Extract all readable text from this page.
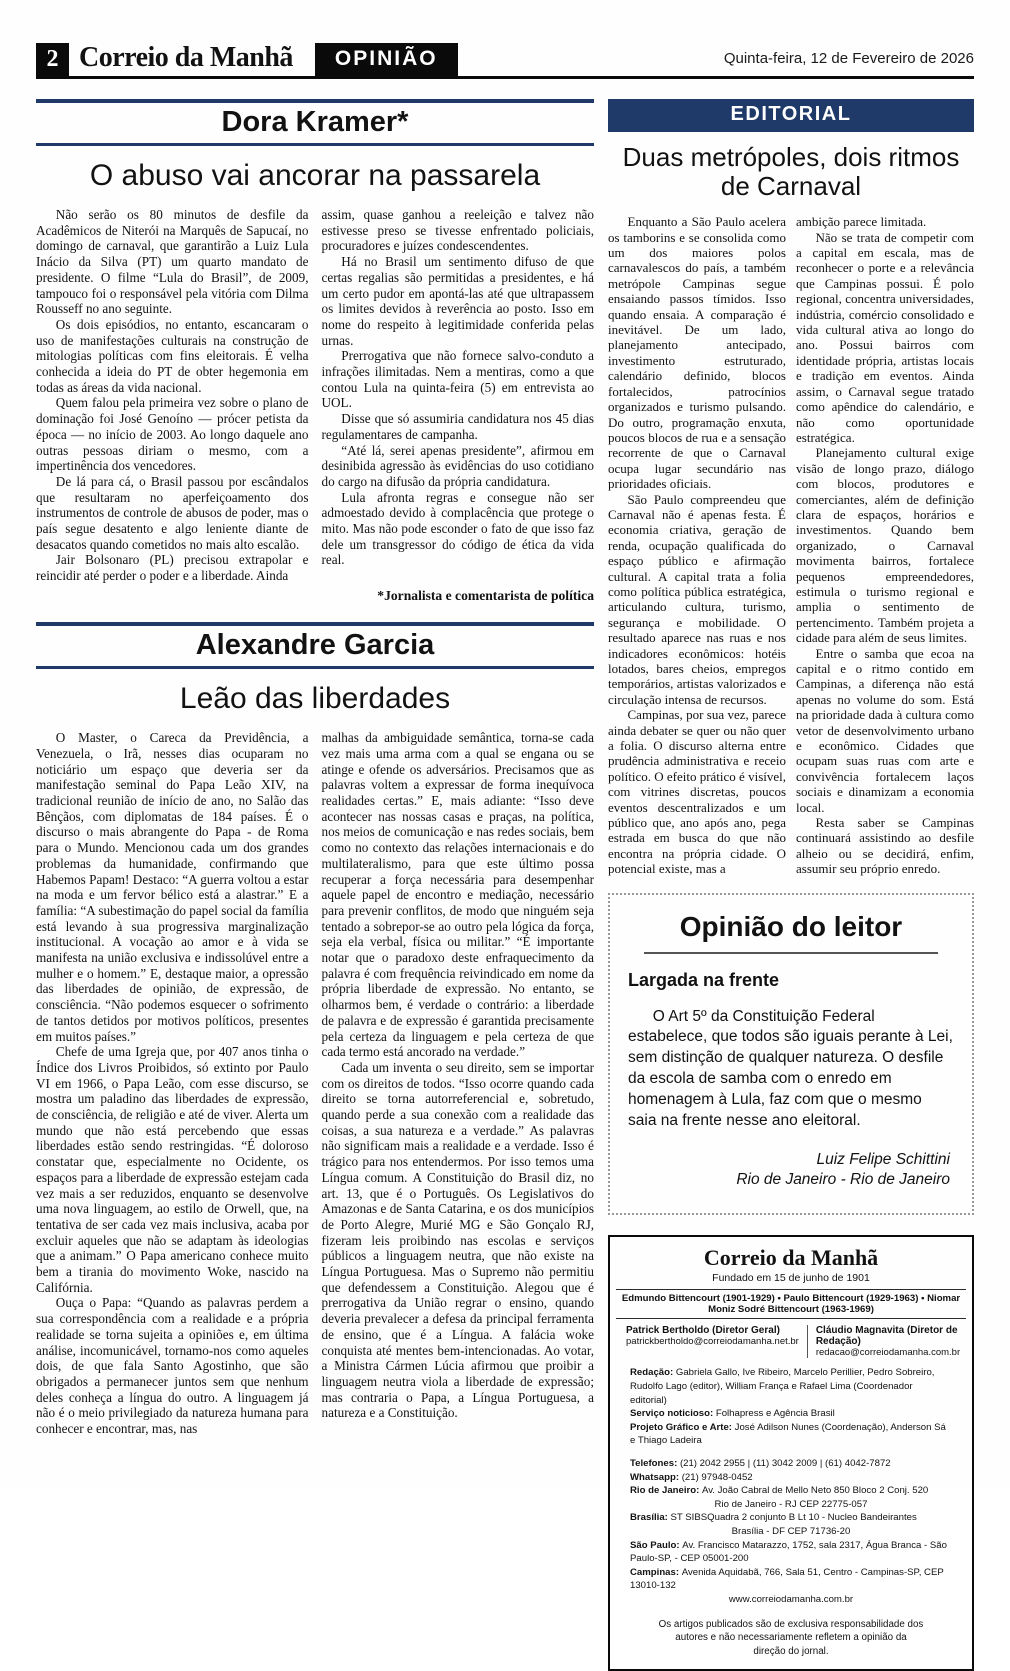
2 Correio da Manhã	OPINIÃO	Quinta-feira, 12 de Fevereiro de 2026
Dora Kramer*
O abuso vai ancorar na passarela

Não serão os 80 minutos de desfile da Acadêmicos de Niterói na Marquês de Sapucaí, no domingo de carnaval, que garantirão a Luiz Lula Inácio da Silva (PT) um quarto mandato de presidente. O filme “Lula do Brasil”, de 2009, tampouco foi o responsável pela vitória com Dilma Rousseff no ano seguinte.

Os dois episódios, no entanto, escancaram o uso de manifestações culturais na construção de mitologias políticas com fins eleitorais. É velha conhecida a ideia do PT de obter hegemonia em todas as áreas da vida nacional.

Quem falou pela primeira vez sobre o plano de dominação foi José Genoíno — prócer petista da época — no início de 2003. Ao longo daquele ano outras pessoas diriam o mesmo, com a impertinência dos vencedores.

De lá para cá, o Brasil passou por escândalos que resultaram no aperfeiçoamento dos instrumentos de controle de abusos de poder, mas o país segue desatento e algo leniente diante de desacatos quando cometidos no mais alto escalão.

Jair Bolsonaro (PL) precisou extrapolar e reincidir até perder o poder e a liberdade. Ainda

assim, quase ganhou a reeleição e talvez não estivesse preso se tivesse enfrentado policiais, procuradores e juízes condescendentes.

Há no Brasil um sentimento difuso de que certas regalias são permitidas a presidentes, e há um certo pudor em apontá-las até que ultrapassem os limites devidos à reverência ao posto. Isso em nome do respeito à legitimidade conferida pelas urnas.

Prerrogativa que não fornece salvo-conduto a infrações ilimitadas. Nem a mentiras, como a que contou Lula na quinta-feira (5) em entrevista ao UOL.

Disse que só assumiria candidatura nos 45 dias regulamentares de campanha.

“Até lá, serei apenas presidente”, afirmou em desinibida agressão às evidências do uso cotidiano do cargo na difusão da própria candidatura.

Lula afronta regras e consegue não ser admoestado devido à complacência que protege o mito. Mas não pode esconder o fato de que isso faz dele um transgressor do código de ética da vida real.

*Jornalista e comentarista de política

Alexandre Garcia
Leão das liberdades

O Master, o Careca da Previdência, a Venezuela, o Irã, nesses dias ocuparam no noticiário um espaço que deveria ser da manifestação seminal do Papa Leão XIV, na tradicional reunião de início de ano, no Salão das Bênçãos, com diplomatas de 184 países. É o discurso o mais abrangente do Papa - de Roma para o Mundo. Mencionou cada um dos grandes problemas da humanidade, confirmando que Habemos Papam! Destaco: “A guerra voltou a estar na moda e um fervor bélico está a alastrar.” E a família: “A subestimação do papel social da família está levando à sua progressiva marginalização institucional. A vocação ao amor e à vida se manifesta na união exclusiva e indissolúvel entre a mulher e o homem.” E, destaque maior, a opressão das liberdades de opinião, de expressão, de consciência. “Não podemos esquecer o sofrimento de tantos detidos por motivos políticos, presentes em muitos países.”

Chefe de uma Igreja que, por 407 anos tinha o Índice dos Livros Proibidos, só extinto por Paulo VI em 1966, o Papa Leão, com esse discurso, se mostra um paladino das liberdades de expressão, de consciência, de religião e até de viver. Alerta um mundo que não está percebendo que essas liberdades estão sendo restringidas. “É doloroso constatar que, especialmente no Ocidente, os espaços para a liberdade de expressão estejam cada vez mais a ser reduzidos, enquanto se desenvolve uma nova linguagem, ao estilo de Orwell, que, na tentativa de ser cada vez mais inclusiva, acaba por excluir aqueles que não se adaptam às ideologias que a animam.” O Papa americano conhece muito bem a tirania do movimento Woke, nascido na Califórnia.

Ouça o Papa: “Quando as palavras perdem a sua correspondência com a realidade e a própria realidade se torna sujeita a opiniões e, em última análise, incomunicável, tornamo-nos como aqueles dois, de que fala Santo Agostinho, que são obrigados a permanecer juntos sem que nenhum deles conheça a língua do outro. A linguagem já não é o meio privilegiado da natureza humana para conhecer e encontrar, mas, nas

malhas da ambiguidade semântica, torna-se cada vez mais uma arma com a qual se engana ou se atinge e ofende os adversários. Precisamos que as palavras voltem a expressar de forma inequívoca realidades certas.” E, mais adiante: “Isso deve acontecer nas nossas casas e praças, na política, nos meios de comunicação e nas redes sociais, bem como no contexto das relações internacionais e do multilateralismo, para que este último possa recuperar a força necessária para desempenhar aquele papel de encontro e mediação, necessário para prevenir conflitos, de modo que ninguém seja tentado a sobrepor-se ao outro pela lógica da força, seja ela verbal, física ou militar.” “É importante notar que o paradoxo deste enfraquecimento da palavra é com frequência reivindicado em nome da própria liberdade de expressão. No entanto, se olharmos bem, é verdade o contrário: a liberdade de palavra e de expressão é garantida precisamente pela certeza da linguagem e pela certeza de que cada termo está ancorado na verdade.”

Cada um inventa o seu direito, sem se importar com os direitos de todos. “Isso ocorre quando cada direito se torna autorreferencial e, sobretudo, quando perde a sua conexão com a realidade das coisas, a sua natureza e a verdade.” As palavras não significam mais a realidade e a verdade. Isso é trágico para nos entendermos. Por isso temos uma Língua comum. A Constituição do Brasil diz, no art. 13, que é o Português. Os Legislativos do Amazonas e de Santa Catarina, e os dos municípios de Porto Alegre, Murié MG e São Gonçalo RJ, fizeram leis proibindo nas escolas e serviços públicos a linguagem neutra, que não existe na Língua Portuguesa. Mas o Supremo não permitiu que defendessem a Constituição. Alegou que é prerrogativa da União regrar o ensino, quando deveria prevalecer a defesa da principal ferramenta de ensino, que é a Língua. A falácia woke conquista até mentes bem-intencionadas. Ao votar, a Ministra Cármen Lúcia afirmou que proibir a linguagem neutra viola a liberdade de expressão; mas contraria o Papa, a Língua Portuguesa, a natureza e a Constituição.

EDITORIAL
Duas metrópoles, dois ritmos de Carnaval

Enquanto a São Paulo acelera os tamborins e se consolida como um dos maiores polos carnavalescos do país, a também metrópole Campinas segue ensaiando passos tímidos. Isso quando ensaia. A comparação é inevitável. De um lado, planejamento antecipado, investimento estruturado, calendário definido, blocos fortalecidos, patrocínios organizados e turismo pulsando. Do outro, programação enxuta, poucos blocos de rua e a sensação recorrente de que o Carnaval ocupa lugar secundário nas prioridades oficiais.

São Paulo compreendeu que Carnaval não é apenas festa. É economia criativa, geração de renda, ocupação qualificada do espaço público e afirmação cultural. A capital trata a folia como política pública estratégica, articulando cultura, turismo, segurança e mobilidade. O resultado aparece nas ruas e nos indicadores econômicos: hotéis lotados, bares cheios, empregos temporários, artistas valorizados e circulação intensa de recursos.

Campinas, por sua vez, parece ainda debater se quer ou não quer a folia. O discurso alterna entre prudência administrativa e receio político. O efeito prático é visível, com vitrines discretas, poucos eventos descentralizados e um público que, ano após ano, pega estrada em busca do que não encontra na própria cidade. O potencial existe, mas a

ambição parece limitada.

Não se trata de competir com a capital em escala, mas de reconhecer o porte e a relevância que Campinas possui. É polo regional, concentra universidades, indústria, comércio consolidado e vida cultural ativa ao longo do ano. Possui bairros com identidade própria, artistas locais e tradição em eventos. Ainda assim, o Carnaval segue tratado como apêndice do calendário, e não como oportunidade estratégica.

Planejamento cultural exige visão de longo prazo, diálogo com blocos, produtores e comerciantes, além de definição clara de espaços, horários e investimentos. Quando bem organizado, o Carnaval movimenta bairros, fortalece pequenos empreendedores, estimula o turismo regional e amplia o sentimento de pertencimento. Também projeta a cidade para além de seus limites.

Entre o samba que ecoa na capital e o ritmo contido em Campinas, a diferença não está apenas no volume do som. Está na prioridade dada à cultura como vetor de desenvolvimento urbano e econômico. Cidades que ocupam suas ruas com arte e convivência fortalecem laços sociais e dinamizam a economia local.

Resta saber se Campinas continuará assistindo ao desfile alheio ou se decidirá, enfim, assumir seu próprio enredo.

Opinião do leitor
Largada na frente

O Art 5º da Constituição Federal estabelece, que todos são iguais perante à Lei, sem distinção de qualquer natureza. O desfile da escola de samba com o enredo em homenagem à Lula, faz com que o mesmo saia na frente nesse ano eleitoral.

Luiz Felipe Schittini

Rio de Janeiro - Rio de Janeiro

Correio da Manhã
Fundado em 15 de junho de 1901
Edmundo Bittencourt (1901-1929) • Paulo Bittencourt (1929-1963) • Niomar Moniz Sodré Bittencourt (1963-1969)

Patrick Bertholdo (Diretor Geral)

patrickbertholdo@correiodamanha.net.br

Cláudio Magnavita (Diretor de Redação)

redacao@correiodamanha.com.br

Redação: Gabriela Gallo, Ive Ribeiro, Marcelo Perillier, Pedro Sobreiro, Rudolfo Lago (editor), William França e Rafael Lima (Coordenador editorial)

Serviço noticioso: Folhapress e Agência Brasil

Projeto Gráfico e Arte: José Adilson Nunes (Coordenação), Anderson Sá e Thiago Ladeira

Telefones: (21) 2042 2955 | (11) 3042 2009 | (61) 4042-7872

Whatsapp: (21) 97948-0452

Rio de Janeiro: Av. João Cabral de Mello Neto 850 Bloco 2 Conj. 520

Rio de Janeiro - RJ CEP 22775-057

Brasília: ST SIBSQuadra 2 conjunto B Lt 10 - Nucleo Bandeirantes

Brasília - DF CEP 71736-20

São Paulo: Av. Francisco Matarazzo, 1752, sala 2317, Água Branca - São Paulo-SP, - CEP 05001-200

Campinas: Avenida Aquidabã, 766, Sala 51, Centro - Campinas-SP, CEP 13010-132

www.correiodamanha.com.br

Os artigos publicados são de exclusiva responsabilidade dos autores e não necessariamente refletem a opinião da direção do jornal.
